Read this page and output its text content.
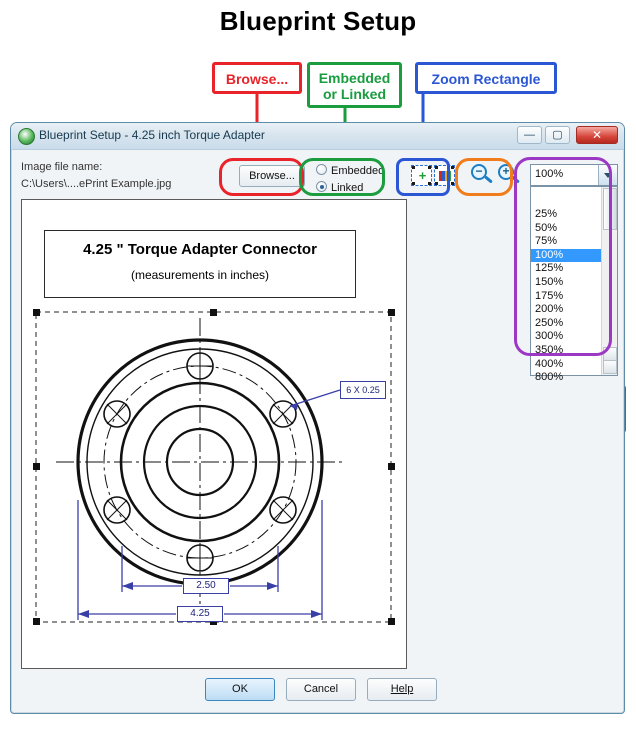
Blueprint Setup
Browse...	Embedded
or Linked
Zoom Rectangle

Blueprint Setup - 4.25 inch Torque Adapter	—	▢	✕
Image file name:
C:\Users\....ePrint Example.jpg
Browse...	Embedded
Linked
+	−	+	100%
25%
50%
75%
100%
125%
150%
175%
200%
250%
300%
350%
400%
800%
4.25 " Torque Adapter Connector
(measurements in inches)
6 X 0.25
2.50
4.25
OK	Cancel	Help
